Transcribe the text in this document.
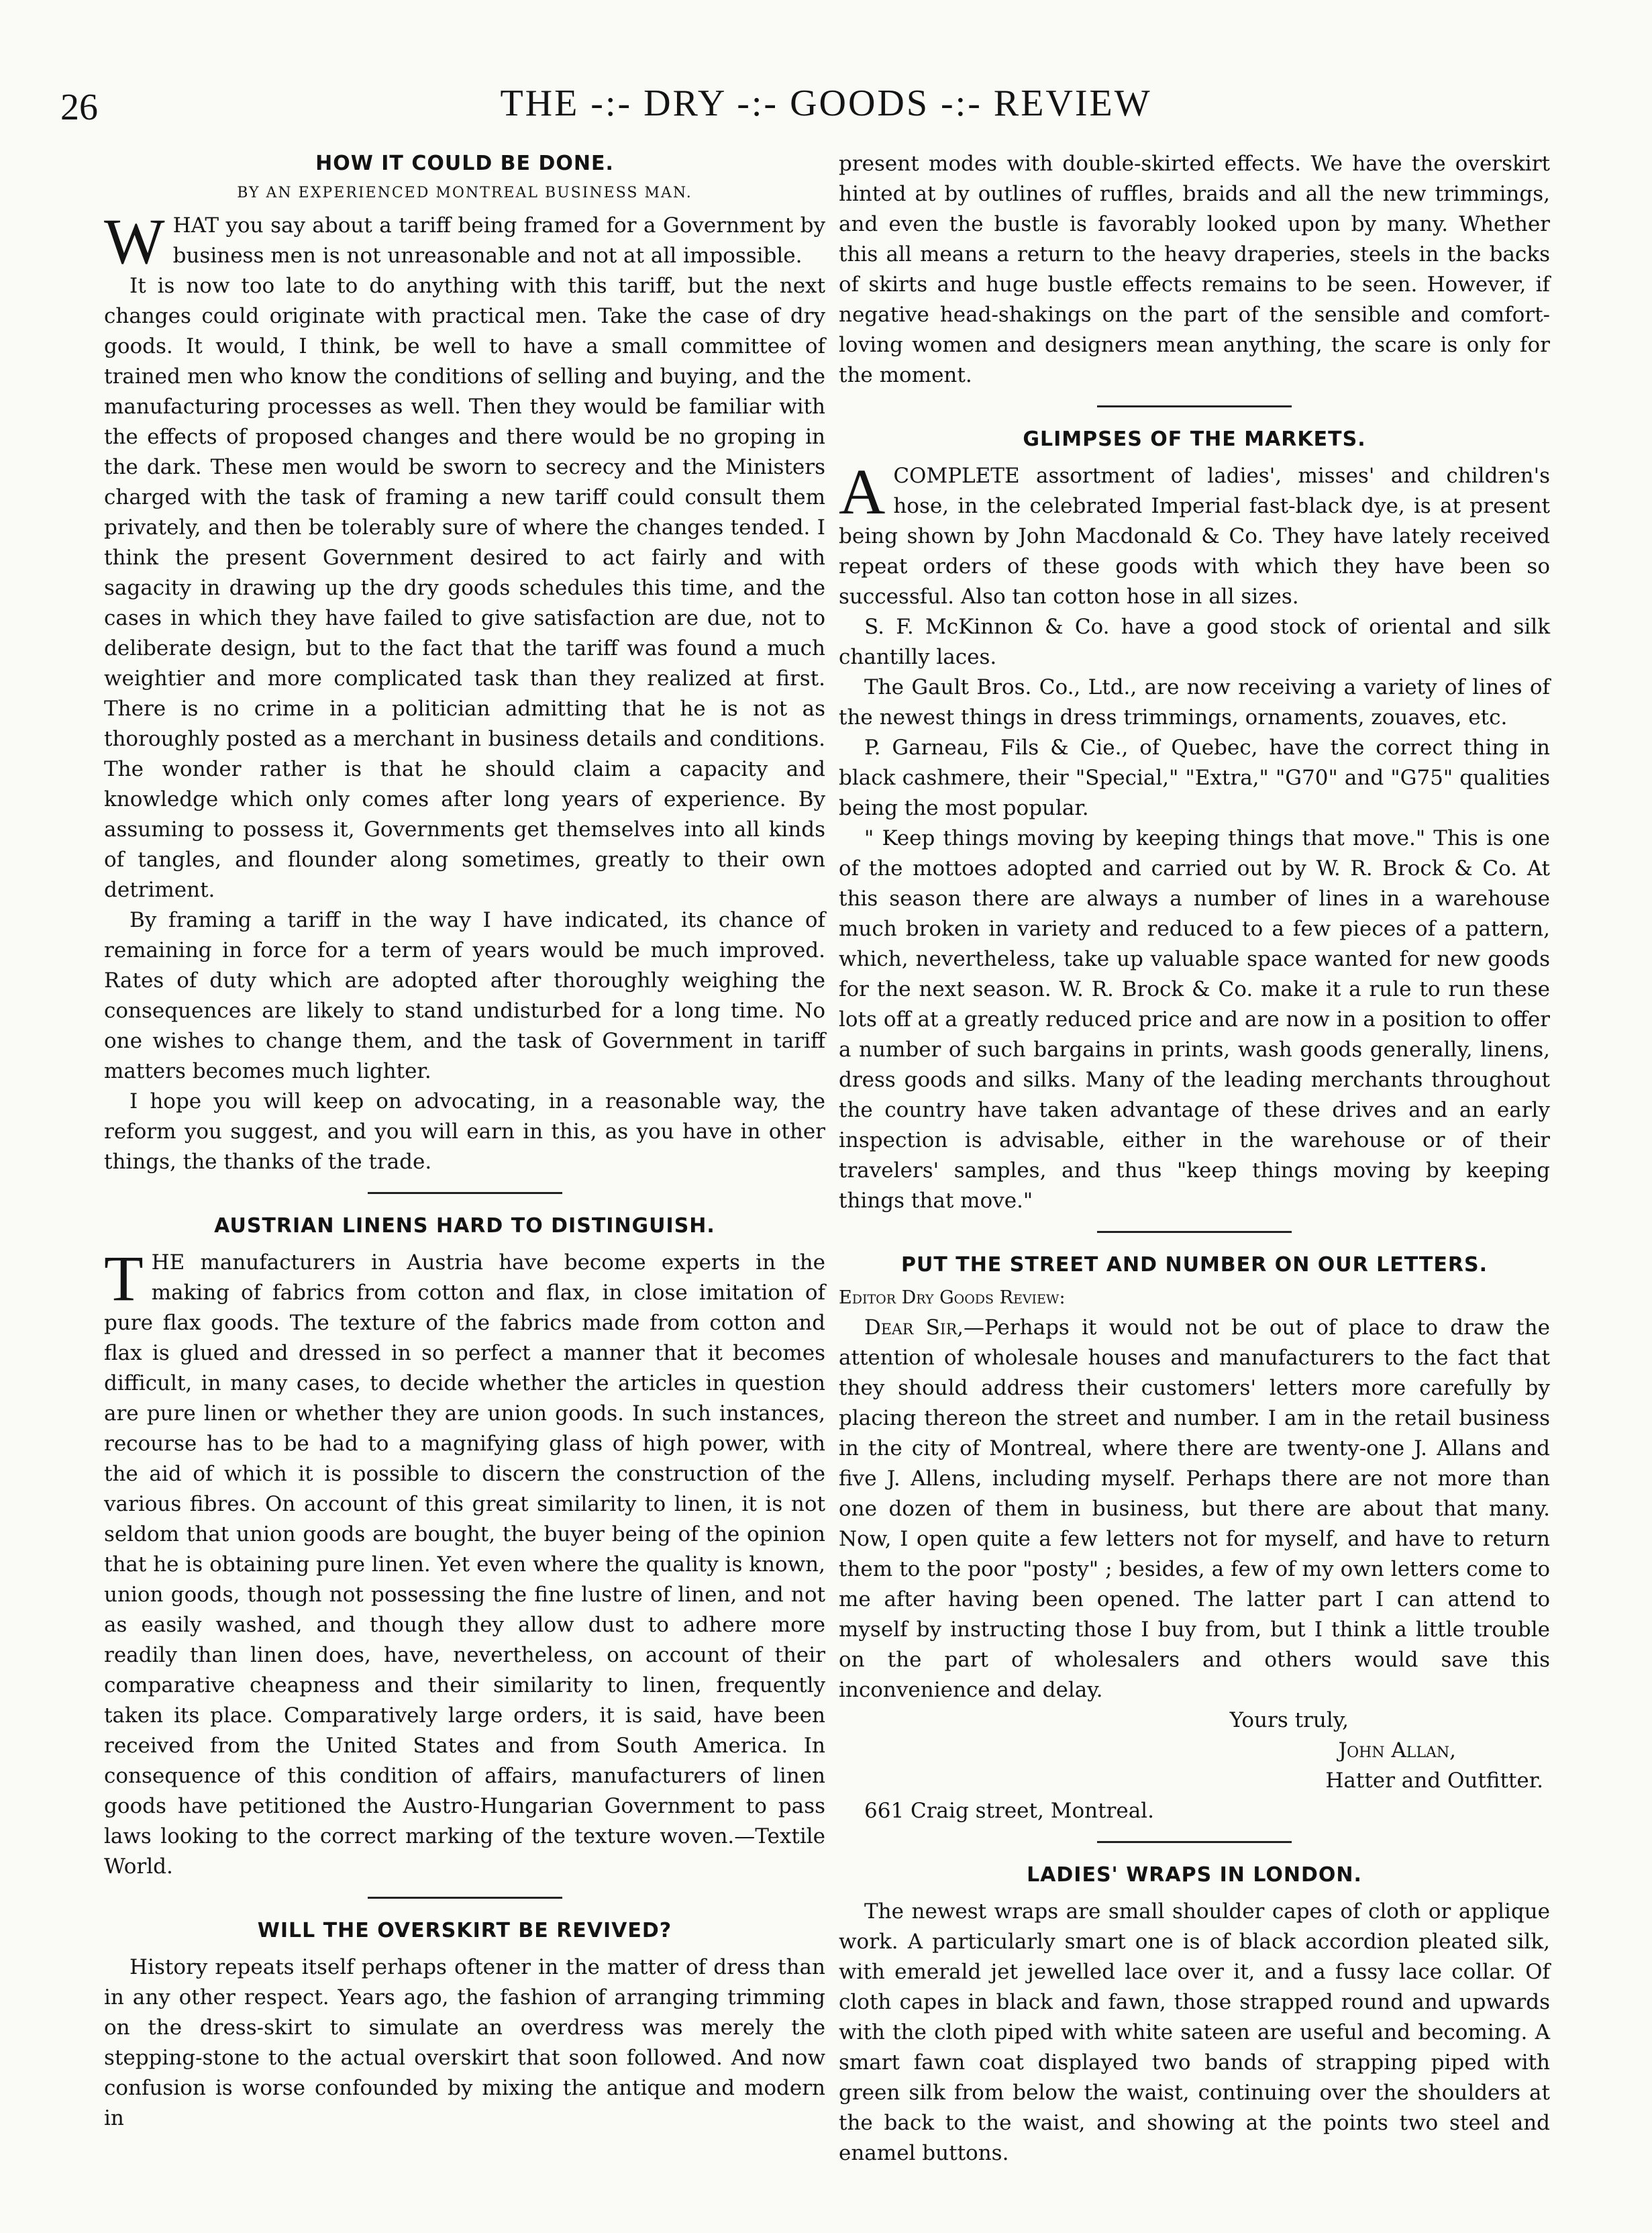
26	THE -:- DRY -:- GOODS -:- REVIEW
HOW IT COULD BE DONE.
BY AN EXPERIENCED MONTREAL BUSINESS MAN.

WHAT you say about a tariff being framed for a Government by business men is not unreasonable and not at all impossible.

It is now too late to do anything with this tariff, but the next changes could originate with practical men. Take the case of dry goods. It would, I think, be well to have a small committee of trained men who know the conditions of selling and buying, and the manufacturing processes as well. Then they would be familiar with the effects of proposed changes and there would be no groping in the dark. These men would be sworn to secrecy and the Ministers charged with the task of framing a new tariff could consult them privately, and then be tolerably sure of where the changes tended. I think the present Government desired to act fairly and with sagacity in drawing up the dry goods schedules this time, and the cases in which they have failed to give satisfaction are due, not to deliberate design, but to the fact that the tariff was found a much weightier and more complicated task than they realized at first. There is no crime in a politician admitting that he is not as thoroughly posted as a merchant in business details and conditions. The wonder rather is that he should claim a capacity and knowledge which only comes after long years of experience. By assuming to possess it, Governments get themselves into all kinds of tangles, and flounder along sometimes, greatly to their own detriment.

By framing a tariff in the way I have indicated, its chance of remaining in force for a term of years would be much improved. Rates of duty which are adopted after thoroughly weighing the consequences are likely to stand undisturbed for a long time. No one wishes to change them, and the task of Government in tariff matters becomes much lighter.

I hope you will keep on advocating, in a reasonable way, the reform you suggest, and you will earn in this, as you have in other things, the thanks of the trade.

AUSTRIAN LINENS HARD TO DISTINGUISH.

THE manufacturers in Austria have become experts in the making of fabrics from cotton and flax, in close imitation of pure flax goods. The texture of the fabrics made from cotton and flax is glued and dressed in so perfect a manner that it becomes difficult, in many cases, to decide whether the articles in question are pure linen or whether they are union goods. In such instances, recourse has to be had to a magnifying glass of high power, with the aid of which it is possible to discern the construction of the various fibres. On account of this great similarity to linen, it is not seldom that union goods are bought, the buyer being of the opinion that he is obtaining pure linen. Yet even where the quality is known, union goods, though not possessing the fine lustre of linen, and not as easily washed, and though they allow dust to adhere more readily than linen does, have, nevertheless, on account of their comparative cheapness and their similarity to linen, frequently taken its place. Comparatively large orders, it is said, have been received from the United States and from South America. In consequence of this condition of affairs, manufacturers of linen goods have petitioned the Austro-Hungarian Government to pass laws looking to the correct marking of the texture woven.—Textile World.

WILL THE OVERSKIRT BE REVIVED?

History repeats itself perhaps oftener in the matter of dress than in any other respect. Years ago, the fashion of arranging trimming on the dress-skirt to simulate an overdress was merely the stepping-stone to the actual overskirt that soon followed. And now confusion is worse confounded by mixing the antique and modern in

present modes with double-skirted effects. We have the overskirt hinted at by outlines of ruffles, braids and all the new trimmings, and even the bustle is favorably looked upon by many. Whether this all means a return to the heavy draperies, steels in the backs of skirts and huge bustle effects remains to be seen. However, if negative head-shakings on the part of the sensible and comfort-loving women and designers mean anything, the scare is only for the moment.

GLIMPSES OF THE MARKETS.

ACOMPLETE assortment of ladies', misses' and children's hose, in the celebrated Imperial fast-black dye, is at present being shown by John Macdonald & Co. They have lately received repeat orders of these goods with which they have been so successful. Also tan cotton hose in all sizes.

S. F. McKinnon & Co. have a good stock of oriental and silk chantilly laces.

The Gault Bros. Co., Ltd., are now receiving a variety of lines of the newest things in dress trimmings, ornaments, zouaves, etc.

P. Garneau, Fils & Cie., of Quebec, have the correct thing in black cashmere, their "Special," "Extra," "G70" and "G75" qualities being the most popular.

" Keep things moving by keeping things that move." This is one of the mottoes adopted and carried out by W. R. Brock & Co. At this season there are always a number of lines in a warehouse much broken in variety and reduced to a few pieces of a pattern, which, nevertheless, take up valuable space wanted for new goods for the next season. W. R. Brock & Co. make it a rule to run these lots off at a greatly reduced price and are now in a position to offer a number of such bargains in prints, wash goods generally, linens, dress goods and silks. Many of the leading merchants throughout the country have taken advantage of these drives and an early inspection is advisable, either in the warehouse or of their travelers' samples, and thus "keep things moving by keeping things that move."

PUT THE STREET AND NUMBER ON OUR LETTERS.

Editor Dry Goods Review:

Dear Sir,—Perhaps it would not be out of place to draw the attention of wholesale houses and manufacturers to the fact that they should address their customers' letters more carefully by placing thereon the street and number. I am in the retail business in the city of Montreal, where there are twenty-one J. Allans and five J. Allens, including myself. Perhaps there are not more than one dozen of them in business, but there are about that many. Now, I open quite a few letters not for myself, and have to return them to the poor "posty" ; besides, a few of my own letters come to me after having been opened. The latter part I can attend to myself by instructing those I buy from, but I think a little trouble on the part of wholesalers and others would save this inconvenience and delay.

Yours truly,
John Allan,
Hatter and Outfitter.

661 Craig street, Montreal.

LADIES' WRAPS IN LONDON.

The newest wraps are small shoulder capes of cloth or applique work. A particularly smart one is of black accordion pleated silk, with emerald jet jewelled lace over it, and a fussy lace collar. Of cloth capes in black and fawn, those strapped round and upwards with the cloth piped with white sateen are useful and becoming. A smart fawn coat displayed two bands of strapping piped with green silk from below the waist, continuing over the shoulders at the back to the waist, and showing at the points two steel and enamel buttons.
